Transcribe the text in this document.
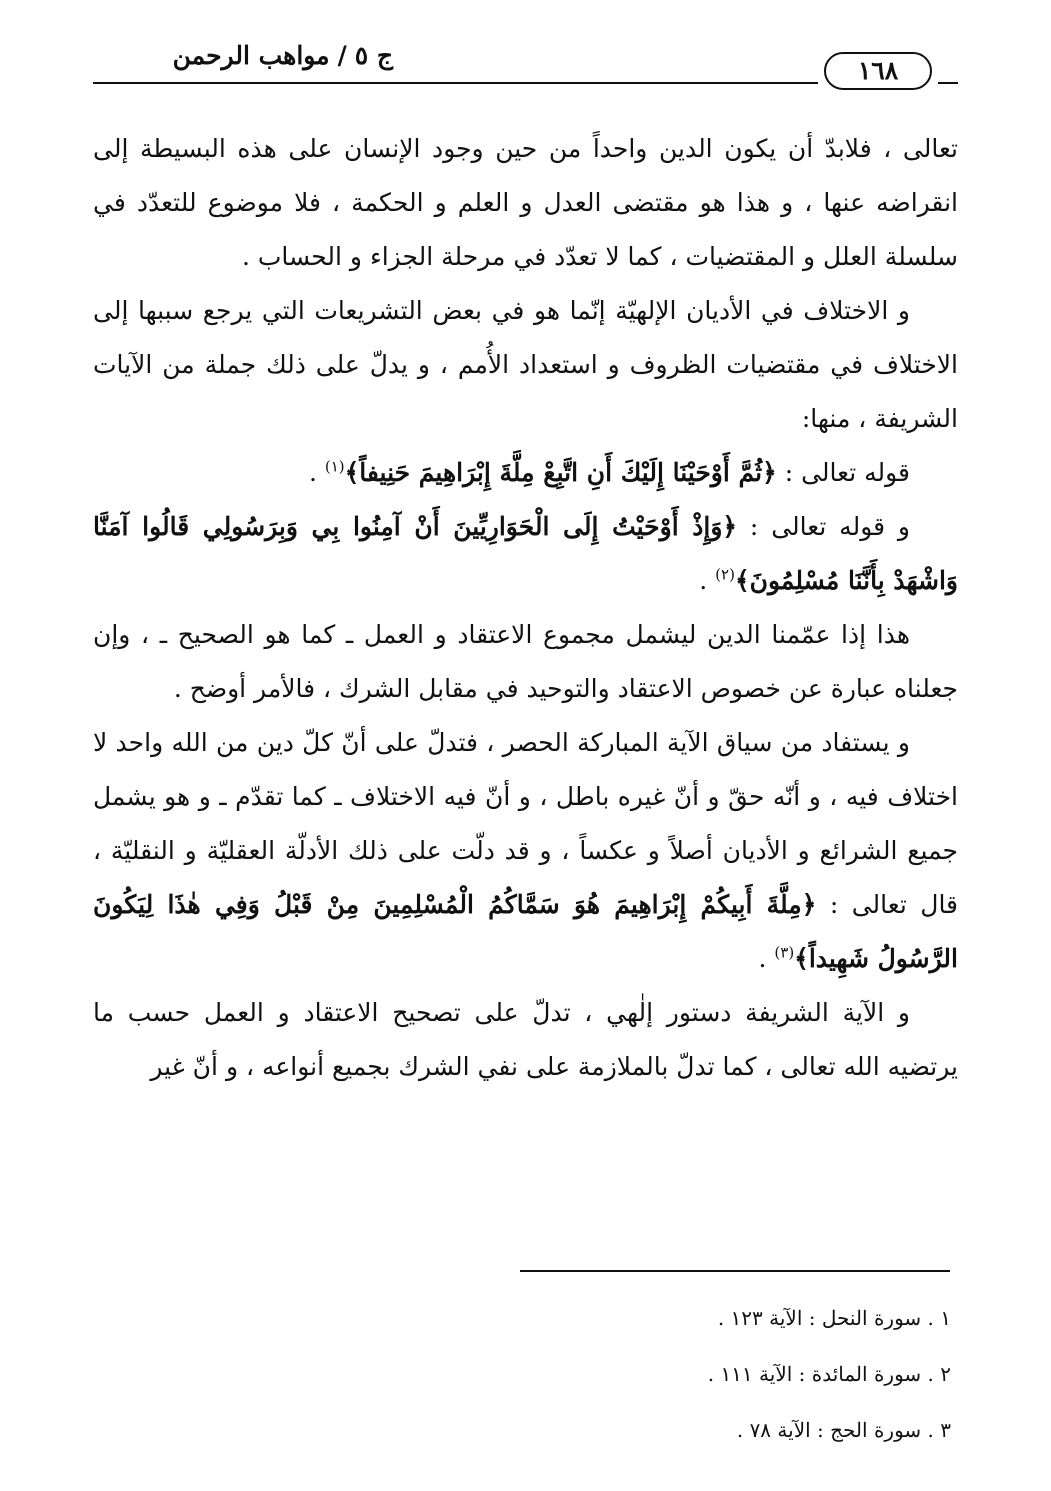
مواهب الرحمن / ج ٥
١٦٨

تعالى ، فلابدّ أن يكون الدين واحداً من حين وجود الإنسان على هذه البسيطة إلى انقراضه عنها ، و هذا هو مقتضى العدل و العلم و الحكمة ، فلا موضوع للتعدّد في سلسلة العلل و المقتضيات ، كما لا تعدّد في مرحلة الجزاء و الحساب .

و الاختلاف في الأديان الإلهيّة إنّما هو في بعض التشريعات التي يرجع سببها إلى الاختلاف في مقتضيات الظروف و استعداد الأُمم ، و يدلّ على ذلك جملة من الآيات الشريفة ، منها:

قوله تعالى : ﴿ثُمَّ أَوْحَيْنَا إِلَيْكَ أَنِ اتَّبِعْ مِلَّةَ إِبْرَاهِيمَ حَنِيفاً﴾$^{(١)}$ .

و قوله تعالى : ﴿وَإِذْ أَوْحَيْتُ إِلَى الْحَوَارِيِّينَ أَنْ آمِنُوا بِي وَبِرَسُولِي قَالُوا آمَنَّا وَاشْهَدْ بِأَنَّنَا مُسْلِمُونَ﴾$^{(٢)}$ .

هذا إذا عمّمنا الدين ليشمل مجموع الاعتقاد و العمل ـ كما هو الصحيح ـ ، وإن جعلناه عبارة عن خصوص الاعتقاد والتوحيد في مقابل الشرك ، فالأمر أوضح .

و يستفاد من سياق الآية المباركة الحصر ، فتدلّ على أنّ كلّ دين من الله واحد لا اختلاف فيه ، و أنّه حقّ و أنّ غيره باطل ، و أنّ فيه الاختلاف ـ كما تقدّم ـ و هو يشمل جميع الشرائع و الأديان أصلاً و عكساً ، و قد دلّت على ذلك الأدلّة العقليّة و النقليّة ، قال تعالى : ﴿مِلَّةَ أَبِيكُمْ إِبْرَاهِيمَ هُوَ سَمَّاكُمُ الْمُسْلِمِينَ مِنْ قَبْلُ وَفِي هٰذَا لِيَكُونَ الرَّسُولُ شَهِيداً﴾$^{(٣)}$ .

و الآية الشريفة دستور إلٰهي ، تدلّ على تصحيح الاعتقاد و العمل حسب ما يرتضيه الله تعالى ، كما تدلّ بالملازمة على نفي الشرك بجميع أنواعه ، و أنّ غير

١ . سورة النحل : الآية ١٢٣ .
٢ . سورة المائدة : الآية ١١١ .
٣ . سورة الحج : الآية ٧٨ .
